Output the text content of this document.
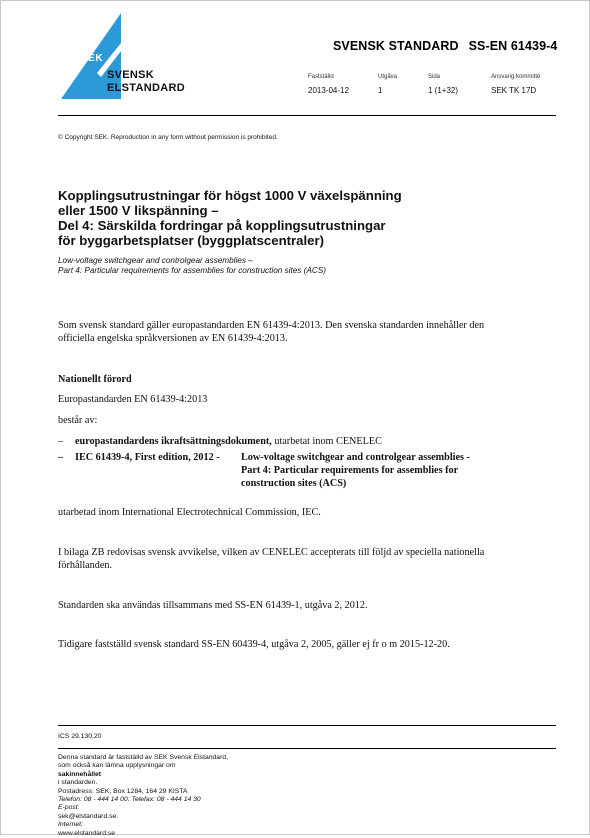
SEK
SVENSK
ELSTANDARD
SVENSK STANDARD SS-EN 61439-4
Fastställd	Utgåva	Sida	Ansvarig kommitté
2013-04-12	1	1 (1+32)	SEK TK 17D
© Copyright SEK. Reproduction in any form without permission is prohibited.
Kopplingsutrustningar för högst 1000 V växelspänning
eller 1500 V likspänning –
Del 4: Särskilda fordringar på kopplingsutrustningar
för byggarbetsplatser (byggplatscentraler)
Low-voltage switchgear and controlgear assemblies –
Part 4: Particular requirements for assemblies for construction sites (ACS)
Som svensk standard gäller europastandarden EN 61439-4:2013. Den svenska standarden innehåller den
officiella engelska språkversionen av EN 61439-4:2013.
Nationellt förord
Europastandarden EN 61439-4:2013
består av:
– europastandardens ikraftsättningsdokument, utarbetat inom CENELEC
– IEC 61439-4, First edition, 2012 - Low-voltage switchgear and controlgear assemblies -
Part 4: Particular requirements for assemblies for
construction sites (ACS)
utarbetad inom International Electrotechnical Commission, IEC.
I bilaga ZB redovisas svensk avvikelse, vilken av CENELEC accepterats till följd av speciella nationella
förhållanden.
Standarden ska användas tillsammans med SS-EN 61439-1, utgåva 2, 2012.
Tidigare fastställd svensk standard SS-EN 60439-4, utgåva 2, 2005, gäller ej fr o m 2015-12-20.
ICS 29.130.20
Denna standard är fastställd av SEK Svensk Elstandard,
som också kan lämna upplysningar om
sakinnehållet
i standarden.
Postadress: SEK, Box 1284, 164 29 KISTA
Telefon: 08 - 444 14 00. Telefax: 08 - 444 14 30
E-post:
sek@elstandard.se.
Internet:
www.elstandard.se
